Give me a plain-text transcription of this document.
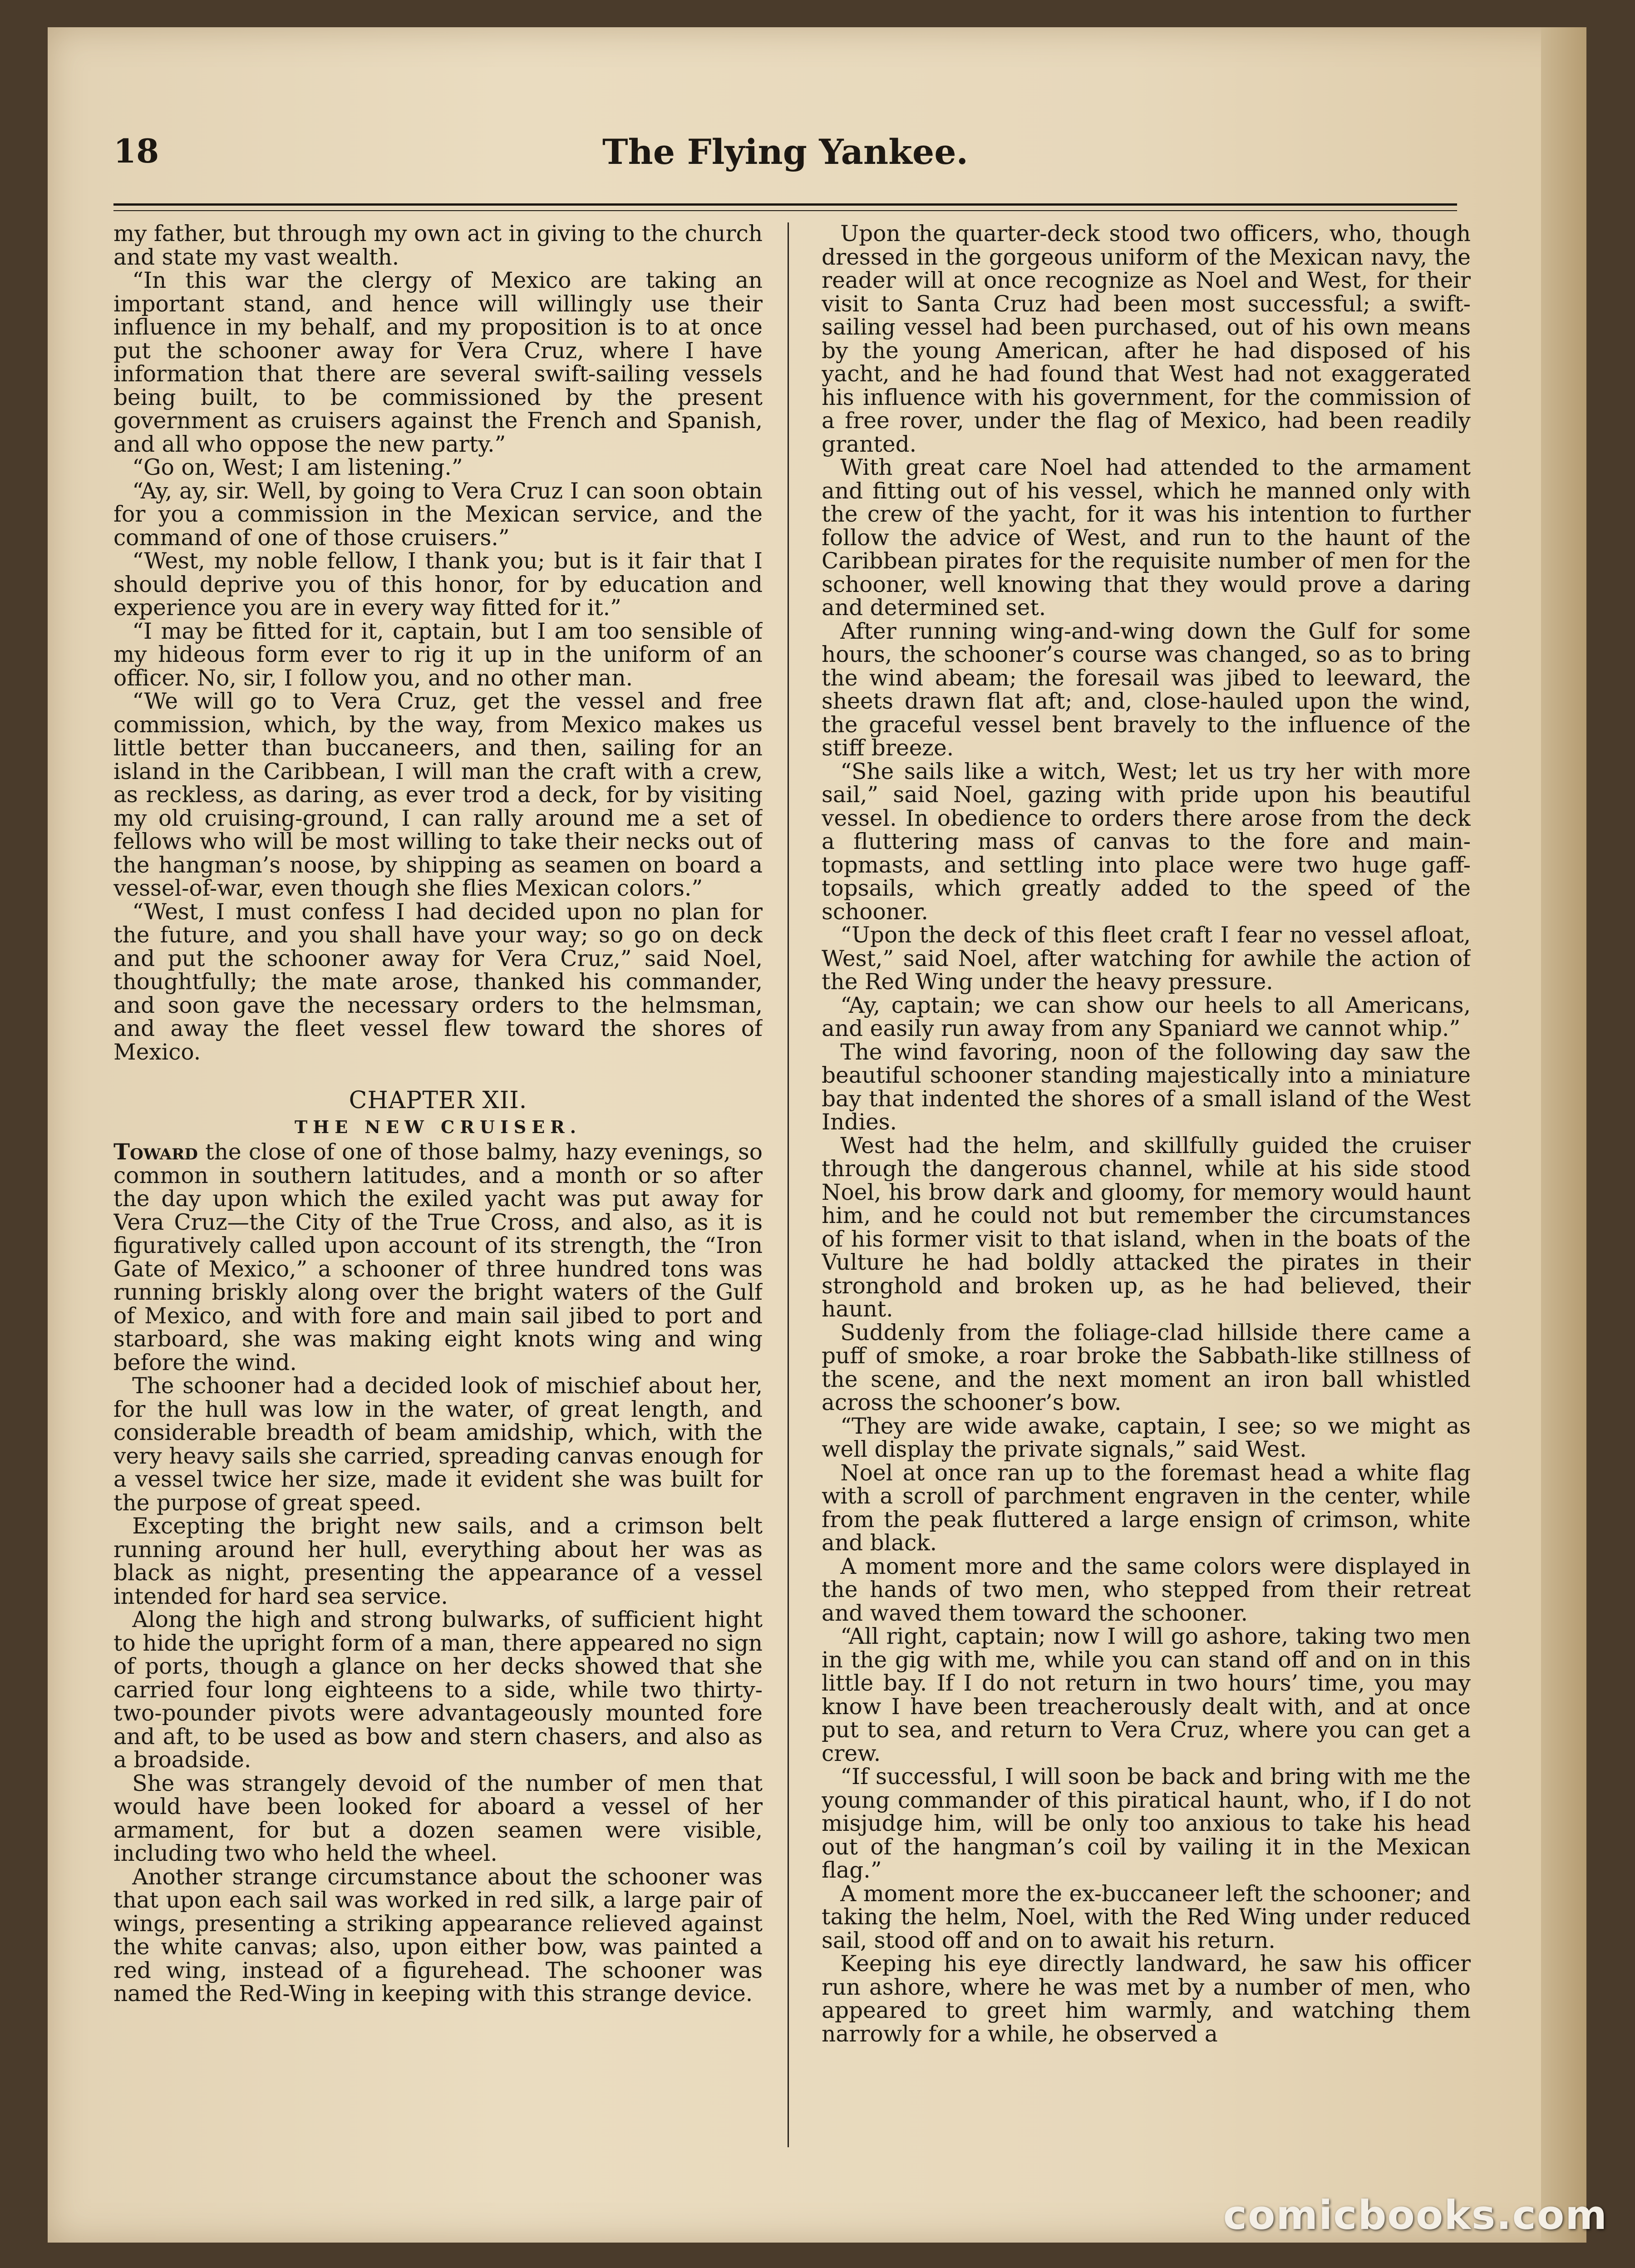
18	The Flying Yankee.

my father, but through my own act in giving to the church and state my vast wealth.

“In this war the clergy of Mexico are taking an important stand, and hence will willingly use their influence in my behalf, and my proposition is to at once put the schooner away for Vera Cruz, where I have information that there are several swift-sailing vessels being built, to be commissioned by the present government as cruisers against the French and Spanish, and all who oppose the new party.”

“Go on, West; I am listening.”

“Ay, ay, sir. Well, by going to Vera Cruz I can soon obtain for you a commission in the Mexican service, and the command of one of those cruisers.”

“West, my noble fellow, I thank you; but is it fair that I should deprive you of this honor, for by education and experience you are in every way fitted for it.”

“I may be fitted for it, captain, but I am too sensible of my hideous form ever to rig it up in the uniform of an officer. No, sir, I follow you, and no other man.

“We will go to Vera Cruz, get the vessel and free commission, which, by the way, from Mexico makes us little better than buccaneers, and then, sailing for an island in the Caribbean, I will man the craft with a crew, as reckless, as daring, as ever trod a deck, for by visiting my old cruising-ground, I can rally around me a set of fellows who will be most willing to take their necks out of the hangman’s noose, by shipping as seamen on board a vessel-of-war, even though she flies Mexican colors.”

“West, I must confess I had decided upon no plan for the future, and you shall have your way; so go on deck and put the schooner away for Vera Cruz,” said Noel, thoughtfully; the mate arose, thanked his commander, and soon gave the necessary orders to the helmsman, and away the fleet vessel flew toward the shores of Mexico.

CHAPTER XII.
THE NEW CRUISER.

Toward the close of one of those balmy, hazy evenings, so common in southern latitudes, and a month or so after the day upon which the exiled yacht was put away for Vera Cruz—the City of the True Cross, and also, as it is figuratively called upon account of its strength, the “Iron Gate of Mexico,” a schooner of three hundred tons was running briskly along over the bright waters of the Gulf of Mexico, and with fore and main sail jibed to port and starboard, she was making eight knots wing and wing before the wind.

The schooner had a decided look of mischief about her, for the hull was low in the water, of great length, and considerable breadth of beam amidship, which, with the very heavy sails she carried, spreading canvas enough for a vessel twice her size, made it evident she was built for the purpose of great speed.

Excepting the bright new sails, and a crimson belt running around her hull, everything about her was as black as night, presenting the appearance of a vessel intended for hard sea service.

Along the high and strong bulwarks, of sufficient hight to hide the upright form of a man, there appeared no sign of ports, though a glance on her decks showed that she carried four long eighteens to a side, while two thirty-two-pounder pivots were advantageously mounted fore and aft, to be used as bow and stern chasers, and also as a broadside.

She was strangely devoid of the number of men that would have been looked for aboard a vessel of her armament, for but a dozen seamen were visible, including two who held the wheel.

Another strange circumstance about the schooner was that upon each sail was worked in red silk, a large pair of wings, presenting a striking appearance relieved against the white canvas; also, upon either bow, was painted a red wing, instead of a figurehead. The schooner was named the Red-Wing in keeping with this strange device.

Upon the quarter-deck stood two officers, who, though dressed in the gorgeous uniform of the Mexican navy, the reader will at once recognize as Noel and West, for their visit to Santa Cruz had been most successful; a swift-sailing vessel had been purchased, out of his own means by the young American, after he had disposed of his yacht, and he had found that West had not exaggerated his influence with his government, for the commission of a free rover, under the flag of Mexico, had been readily granted.

With great care Noel had attended to the armament and fitting out of his vessel, which he manned only with the crew of the yacht, for it was his intention to further follow the advice of West, and run to the haunt of the Caribbean pirates for the requisite number of men for the schooner, well knowing that they would prove a daring and determined set.

After running wing-and-wing down the Gulf for some hours, the schooner’s course was changed, so as to bring the wind abeam; the foresail was jibed to leeward, the sheets drawn flat aft; and, close-hauled upon the wind, the graceful vessel bent bravely to the influence of the stiff breeze.

“She sails like a witch, West; let us try her with more sail,” said Noel, gazing with pride upon his beautiful vessel. In obedience to orders there arose from the deck a fluttering mass of canvas to the fore and main-topmasts, and settling into place were two huge gaff-topsails, which greatly added to the speed of the schooner.

“Upon the deck of this fleet craft I fear no vessel afloat, West,” said Noel, after watching for awhile the action of the Red Wing under the heavy pressure.

“Ay, captain; we can show our heels to all Americans, and easily run away from any Spaniard we cannot whip.”

The wind favoring, noon of the following day saw the beautiful schooner standing majestically into a miniature bay that indented the shores of a small island of the West Indies.

West had the helm, and skillfully guided the cruiser through the dangerous channel, while at his side stood Noel, his brow dark and gloomy, for memory would haunt him, and he could not but remember the circumstances of his former visit to that island, when in the boats of the Vulture he had boldly attacked the pirates in their stronghold and broken up, as he had believed, their haunt.

Suddenly from the foliage-clad hillside there came a puff of smoke, a roar broke the Sabbath-like stillness of the scene, and the next moment an iron ball whistled across the schooner’s bow.

“They are wide awake, captain, I see; so we might as well display the private signals,” said West.

Noel at once ran up to the foremast head a white flag with a scroll of parchment engraven in the center, while from the peak fluttered a large ensign of crimson, white and black.

A moment more and the same colors were displayed in the hands of two men, who stepped from their retreat and waved them toward the schooner.

“All right, captain; now I will go ashore, taking two men in the gig with me, while you can stand off and on in this little bay. If I do not return in two hours’ time, you may know I have been treacherously dealt with, and at once put to sea, and return to Vera Cruz, where you can get a crew.

“If successful, I will soon be back and bring with me the young commander of this piratical haunt, who, if I do not misjudge him, will be only too anxious to take his head out of the hangman’s coil by vailing it in the Mexican flag.”

A moment more the ex-buccaneer left the schooner; and taking the helm, Noel, with the Red Wing under reduced sail, stood off and on to await his return.

Keeping his eye directly landward, he saw his officer run ashore, where he was met by a number of men, who appeared to greet him warmly, and watching them narrowly for a while, he observed a

comicbooks.com
